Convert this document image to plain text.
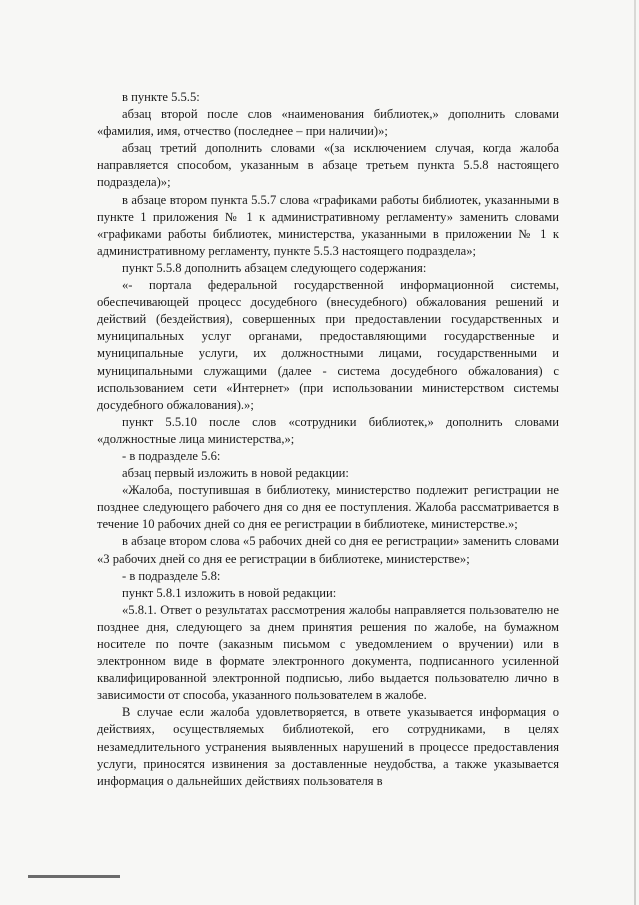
в пункте 5.5.5:

абзац второй после слов «наименования библиотек,» дополнить словами «фамилия, имя, отчество (последнее – при наличии)»;

абзац третий дополнить словами «(за исключением случая, когда жалоба направляется способом, указанным в абзаце третьем пункта 5.5.8 настоящего подраздела)»;

в абзаце втором пункта 5.5.7 слова «графиками работы библиотек, указанными в пункте 1 приложения № 1 к административному регламенту» заменить словами «графиками работы библиотек, министерства, указанными в приложении № 1 к административному регламенту, пункте 5.5.3 настоящего подраздела»;

пункт 5.5.8 дополнить абзацем следующего содержания:

«- портала федеральной государственной информационной системы, обеспечивающей процесс досудебного (внесудебного) обжалования решений и действий (бездействия), совершенных при предоставлении государственных и муниципальных услуг органами, предоставляющими государственные и муниципальные услуги, их должностными лицами, государственными и муниципальными служащими (далее - система досудебного обжалования) с использованием сети «Интернет» (при использовании министерством системы досудебного обжалования).»;

пункт 5.5.10 после слов «сотрудники библиотек,» дополнить словами «должностные лица министерства,»;

- в подразделе 5.6:

абзац первый изложить в новой редакции:

«Жалоба, поступившая в библиотеку, министерство подлежит регистрации не позднее следующего рабочего дня со дня ее поступления. Жалоба рассматривается в течение 10 рабочих дней со дня ее регистрации в библиотеке, министерстве.»;

в абзаце втором слова «5 рабочих дней со дня ее регистрации» заменить словами «3 рабочих дней со дня ее регистрации в библиотеке, министерстве»;

- в подразделе 5.8:

пункт 5.8.1 изложить в новой редакции:

«5.8.1. Ответ о результатах рассмотрения жалобы направляется пользователю не позднее дня, следующего за днем принятия решения по жалобе, на бумажном носителе по почте (заказным письмом с уведомлением о вручении) или в электронном виде в формате электронного документа, подписанного усиленной квалифицированной электронной подписью, либо выдается пользователю лично в зависимости от способа, указанного пользователем в жалобе.

В случае если жалоба удовлетворяется, в ответе указывается информация о действиях, осуществляемых библиотекой, его сотрудниками, в целях незамедлительного устранения выявленных нарушений в процессе предоставления услуги, приносятся извинения за доставленные неудобства, а также указывается информация о дальнейших действиях пользователя в
